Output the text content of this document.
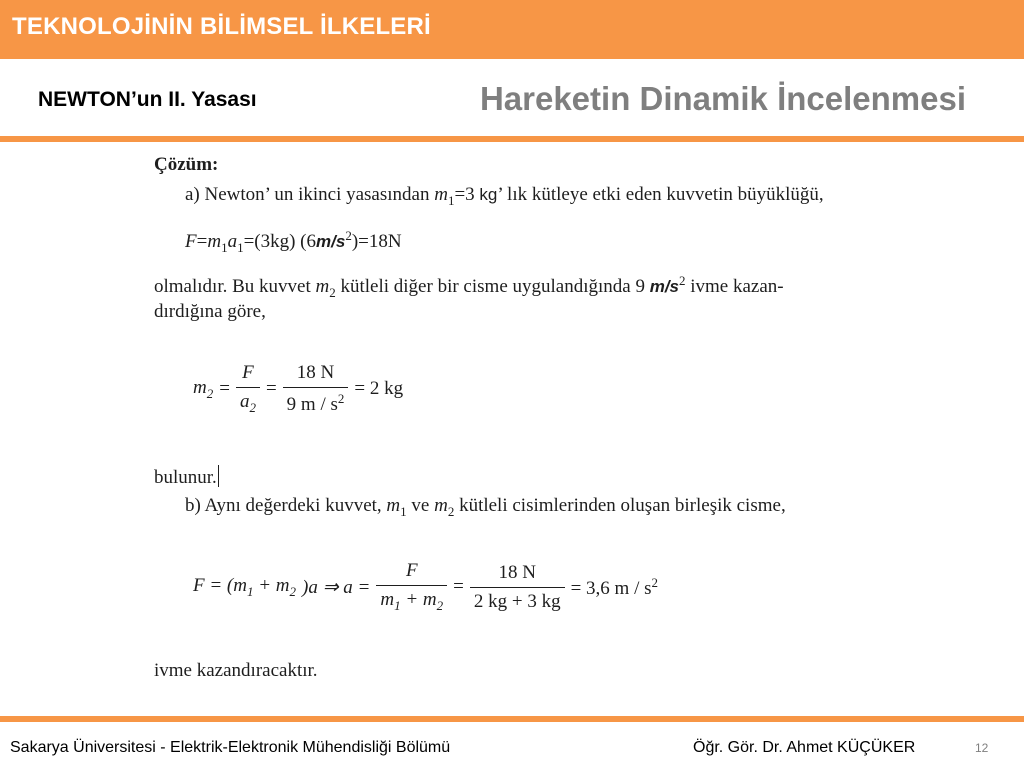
TEKNOLOJİNİN BİLİMSEL İLKELERİ
NEWTON’un II. Yasası	Hareketin Dinamik İncelenmesi
Çözüm:
a) Newton’ un ikinci yasasından $m_1=3$ kg’ lık kütleye etki eden kuvvetin büyüklüğü,
$F=m_1a_1=(3kg)$ $(6m/s^2)=18N$
olmalıdır. Bu kuvvet $m_2$ kütleli diğer bir cisme uygulandığında 9 $m/s^2$ ivme kazan-
dırdığına göre,
$m_2 = \frac{F}{a_2} = \frac{18 N}{9 m / s^2} = 2$ kg
bulunur.
b) Aynı değerdeki kuvvet, $m_1$ ve $m_2$ kütleli cisimlerinden oluşan birleşik cisme,
$F = (m_1 + m_2$ )a ⇒ $a = \frac{F}{m_1 + m_2} = \frac{18 N}{2 kg + 3 kg} = 3,6$ m / $s^2$
ivme kazandıracaktır.
Sakarya Üniversitesi - Elektrik-Elektronik Mühendisliği Bölümü	Öğr. Gör. Dr. Ahmet KÜÇÜKER	12
